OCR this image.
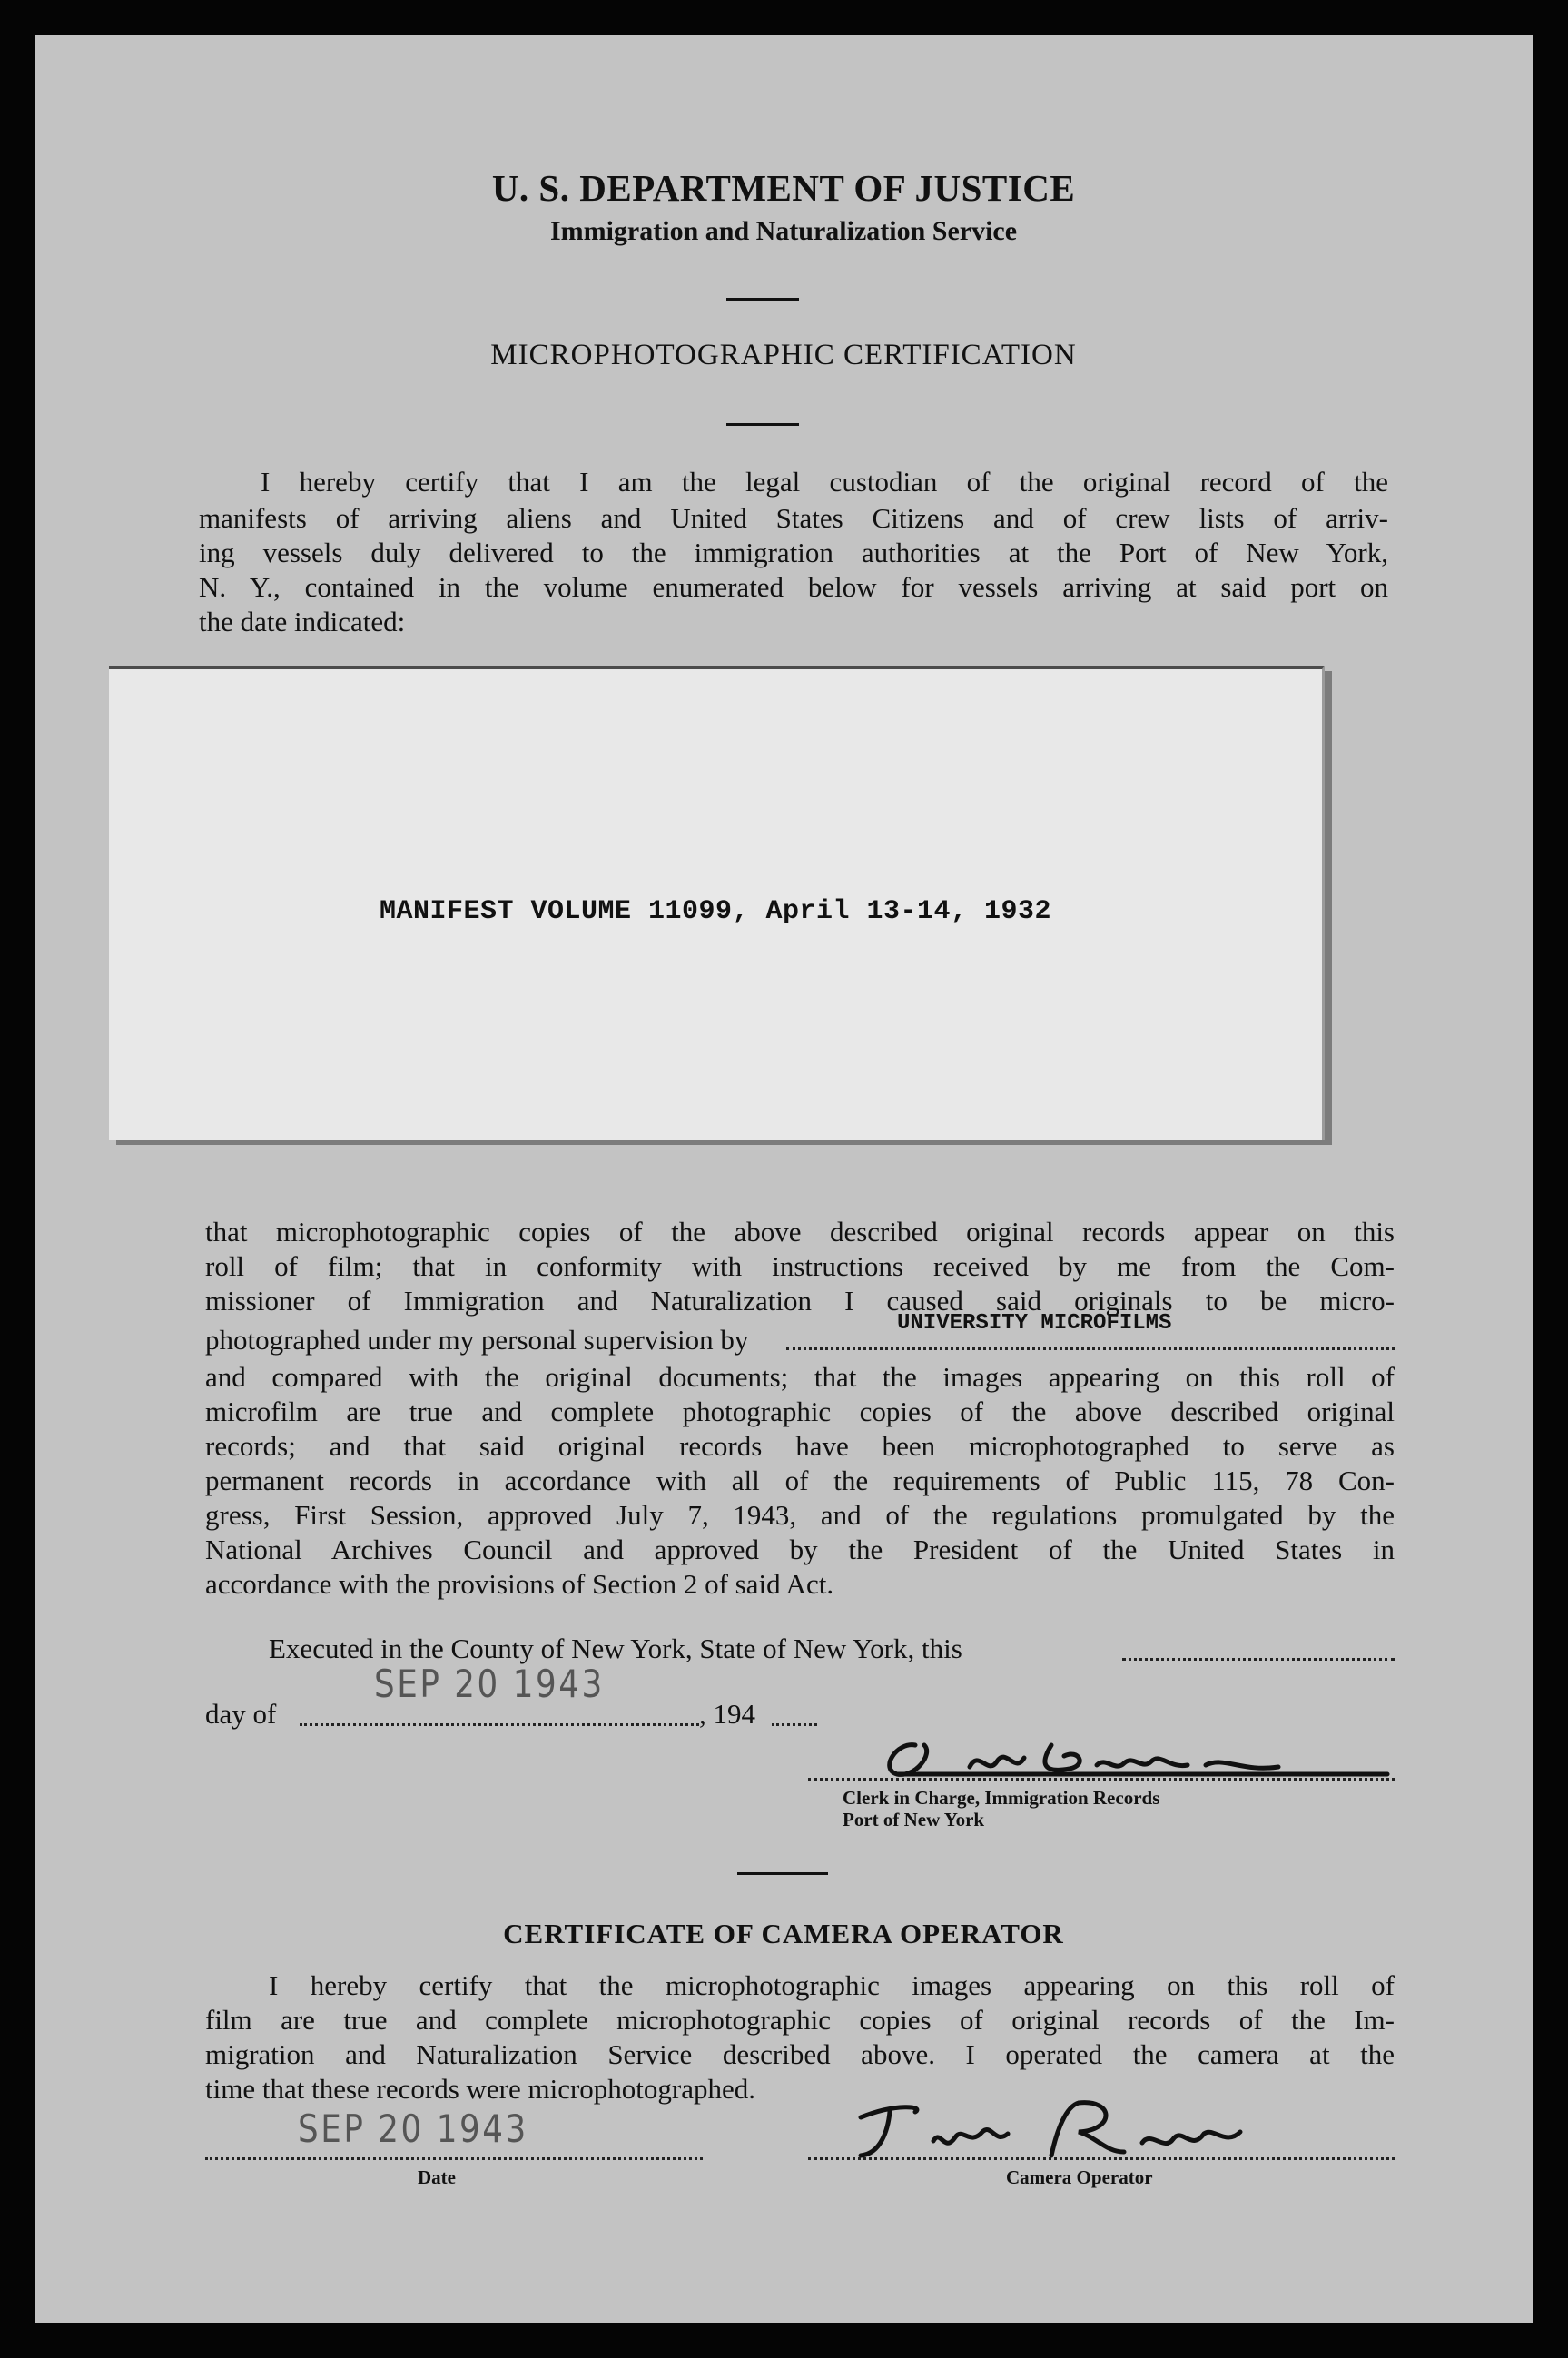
U. S. DEPARTMENT OF JUSTICE
Immigration and Naturalization Service
MICROPHOTOGRAPHIC CERTIFICATION
I hereby certify that I am the legal custodian of the original record of the
manifests of arriving aliens and United States Citizens and of crew lists of arriv-
ing vessels duly delivered to the immigration authorities at the Port of New York,
N. Y., contained in the volume enumerated below for vessels arriving at said port on
the date indicated:
MANIFEST VOLUME 11099, April 13-14, 1932
that microphotographic copies of the above described original records appear on this
roll of film; that in conformity with instructions received by me from the Com-
missioner of Immigration and Naturalization I caused said originals to be micro-
photographed under my personal supervision by
UNIVERSITY MICROFILMS
and compared with the original documents; that the images appearing on this roll of
microfilm are true and complete photographic copies of the above described original
records; and that said original records have been microphotographed to serve as
permanent records in accordance with all of the requirements of Public 115, 78 Con-
gress, First Session, approved July 7, 1943, and of the regulations promulgated by the
National Archives Council and approved by the President of the United States in
accordance with the provisions of Section 2 of said Act.
Executed in the County of New York, State of New York, this
day of
SEP 20 1943
, 194
Clerk in Charge, Immigration Records
Port of New York
CERTIFICATE OF CAMERA OPERATOR
I hereby certify that the microphotographic images appearing on this roll of
film are true and complete microphotographic copies of original records of the Im-
migration and Naturalization Service described above. I operated the camera at the
time that these records were microphotographed.
SEP 20 1943
Date	Camera Operator
